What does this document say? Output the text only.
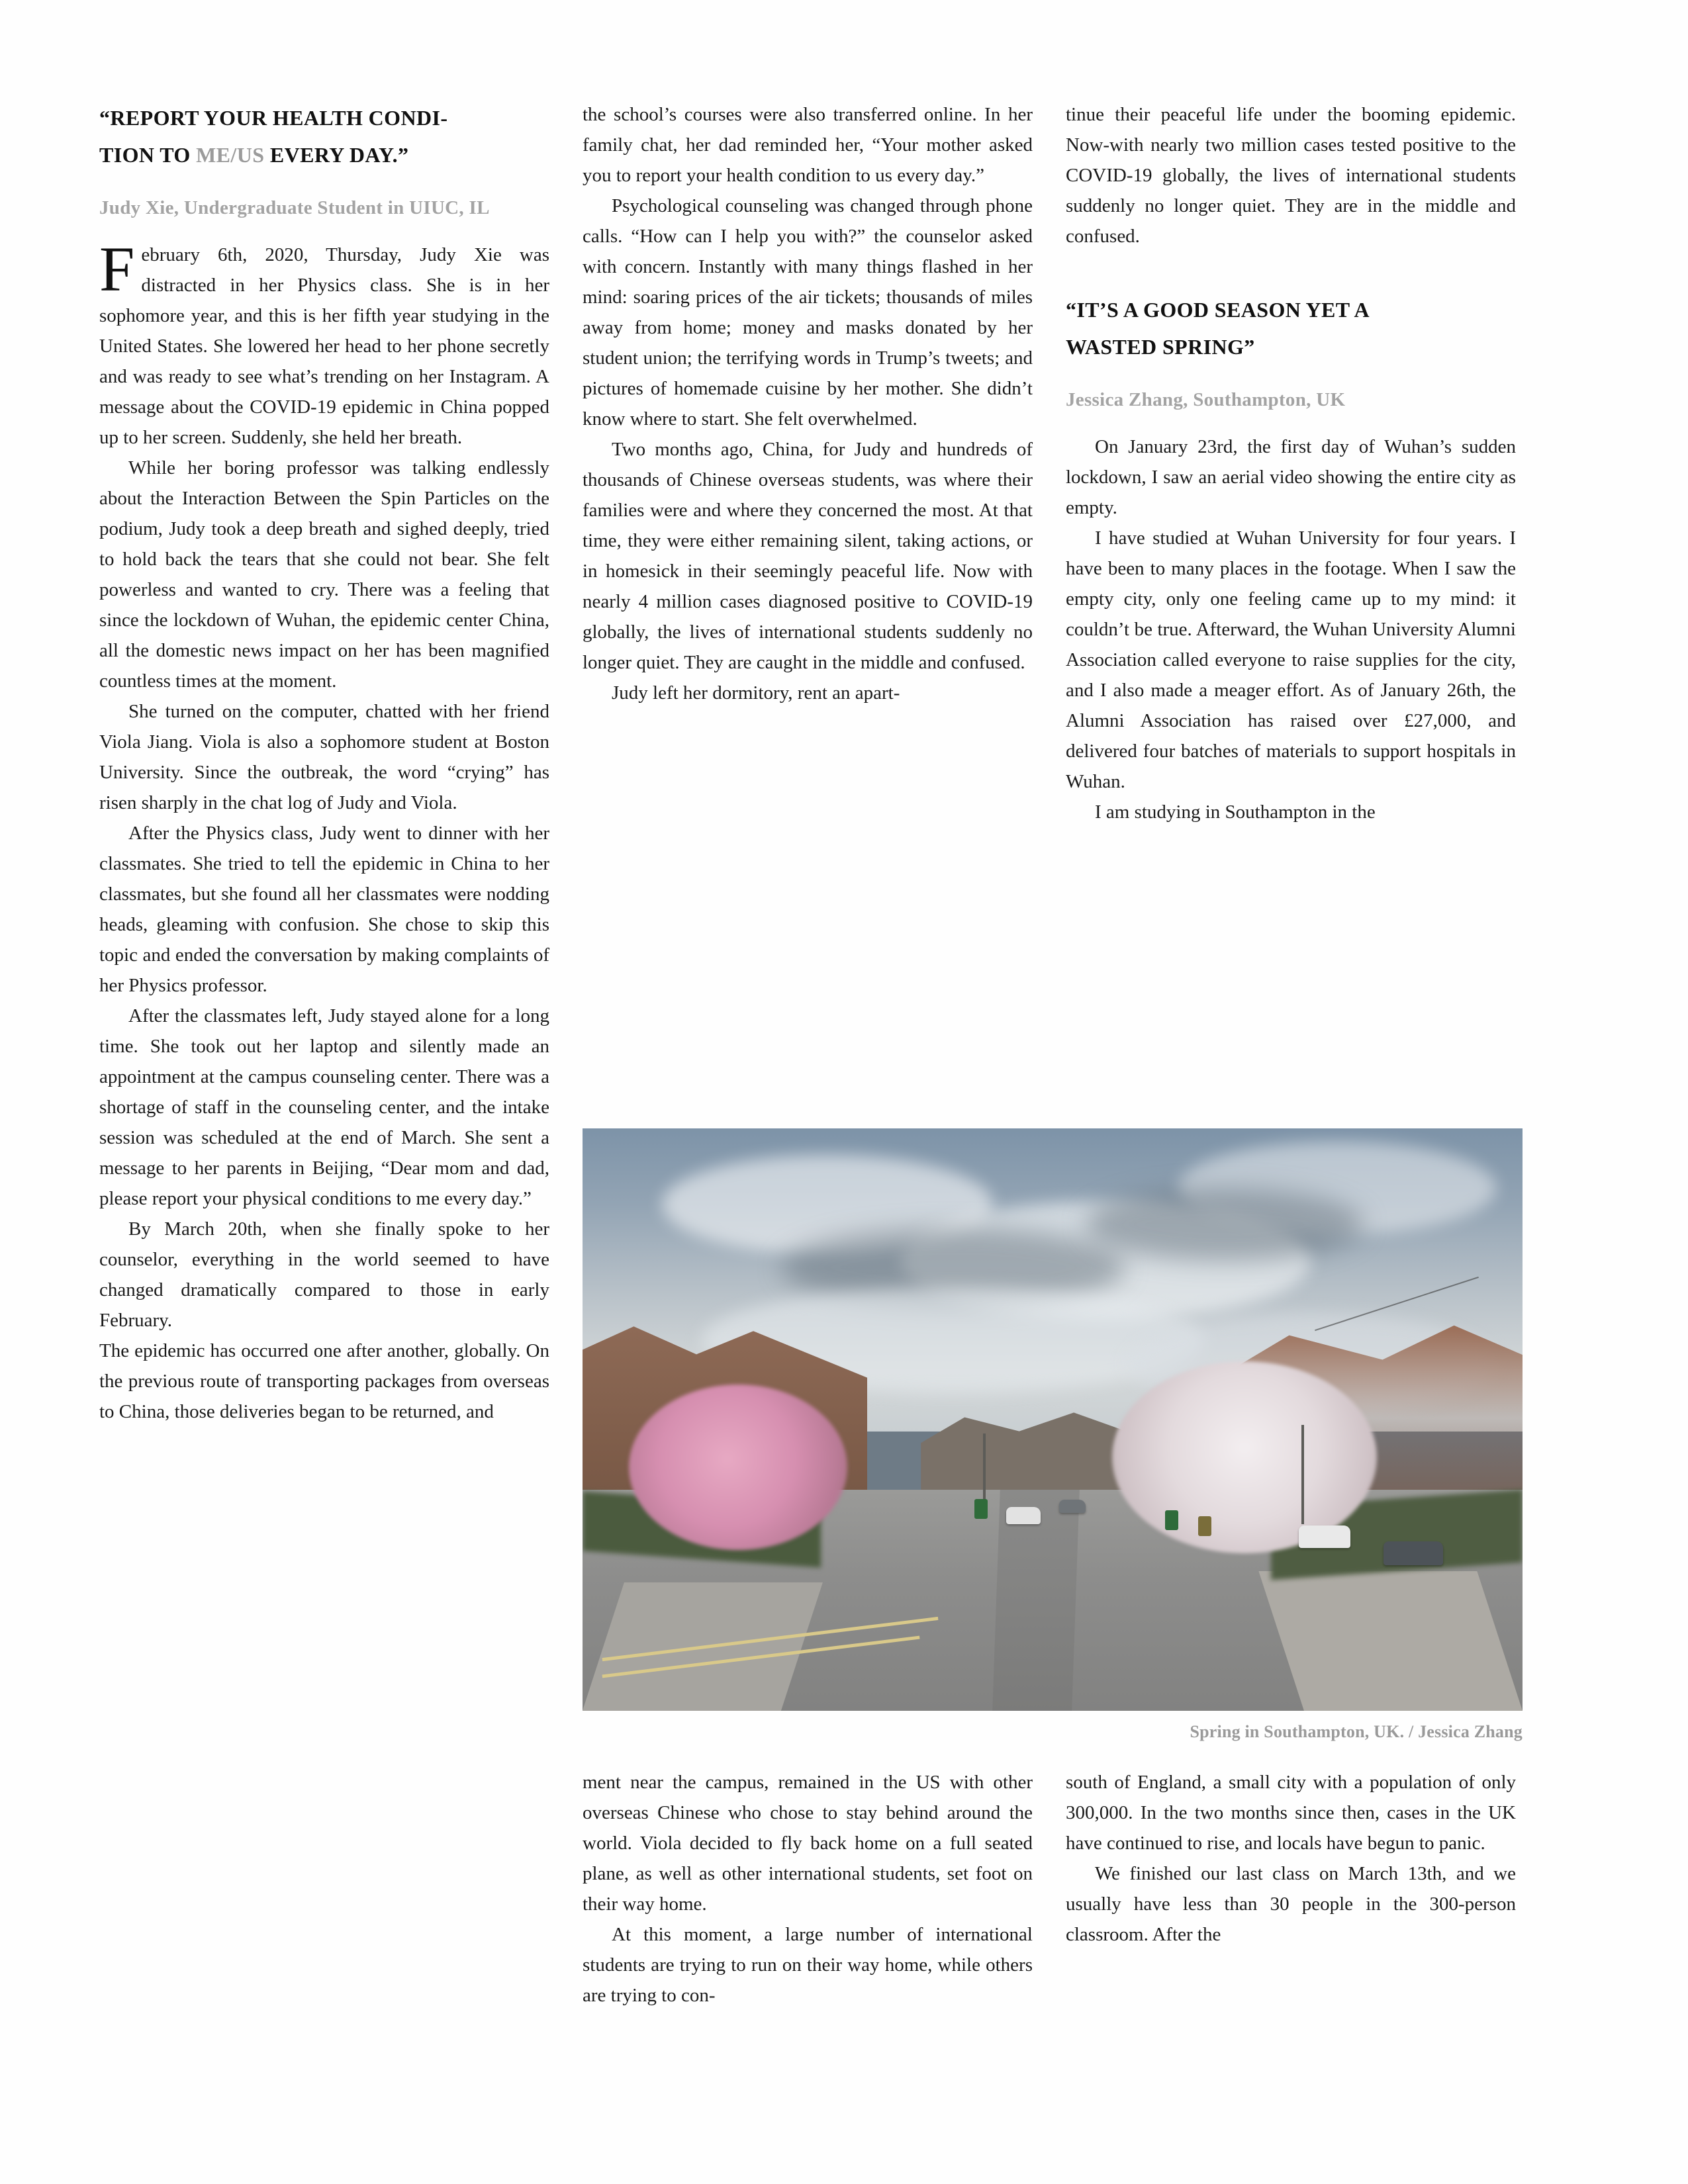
“REPORT YOUR HEALTH CONDI-
TION TO ME/US EVERY DAY.”
Judy Xie, Undergraduate Student in UIUC, IL

February 6th, 2020, Thursday, Judy Xie was distracted in her Physics class. She is in her sophomore year, and this is her fifth year studying in the United States. She lowered her head to her phone secretly and was ready to see what’s trending on her Instagram. A message about the COVID-19 epidemic in China popped up to her screen. Suddenly, she held her breath.

While her boring professor was talking endlessly about the Interaction Between the Spin Particles on the podium, Judy took a deep breath and sighed deeply, tried to hold back the tears that she could not bear. She felt powerless and wanted to cry. There was a feeling that since the lockdown of Wuhan, the epidemic center China, all the domestic news impact on her has been magnified countless times at the moment.

She turned on the computer, chatted with her friend Viola Jiang. Viola is also a sophomore student at Boston University. Since the outbreak, the word “crying” has risen sharply in the chat log of Judy and Viola.

After the Physics class, Judy went to dinner with her classmates. She tried to tell the epidemic in China to her classmates, but she found all her classmates were nodding heads, gleaming with confusion. She chose to skip this topic and ended the conversation by making complaints of her Physics professor.

After the classmates left, Judy stayed alone for a long time. She took out her laptop and silently made an appointment at the campus counseling center. There was a shortage of staff in the counseling center, and the intake session was scheduled at the end of March. She sent a message to her parents in Beijing, “Dear mom and dad, please report your physical conditions to me every day.”

By March 20th, when she finally spoke to her counselor, everything in the world seemed to have changed dramatically compared to those in early February.

The epidemic has occurred one after another, globally. On the previous route of transporting packages from overseas to China, those deliveries began to be returned, and

the school’s courses were also transferred online. In her family chat, her dad reminded her, “Your mother asked you to report your health condition to us every day.”

Psychological counseling was changed through phone calls. “How can I help you with?” the counselor asked with concern. Instantly with many things flashed in her mind: soaring prices of the air tickets; thousands of miles away from home; money and masks donated by her student union; the terrifying words in Trump’s tweets; and pictures of homemade cuisine by her mother. She didn’t know where to start. She felt overwhelmed.

Two months ago, China, for Judy and hundreds of thousands of Chinese overseas students, was where their families were and where they concerned the most. At that time, they were either remaining silent, taking actions, or in homesick in their seemingly peaceful life. Now with nearly 4 million cases diagnosed positive to COVID-19 globally, the lives of international students suddenly no longer quiet. They are caught in the middle and confused.

Judy left her dormitory, rent an apart-

tinue their peaceful life under the booming epidemic. Now-with nearly two million cases tested positive to the COVID-19 globally, the lives of international students suddenly no longer quiet. They are in the middle and confused.

“IT’S A GOOD SEASON YET A
WASTED SPRING”
Jessica Zhang, Southampton, UK

On January 23rd, the first day of Wuhan’s sudden lockdown, I saw an aerial video showing the entire city as empty.

I have studied at Wuhan University for four years. I have been to many places in the footage. When I saw the empty city, only one feeling came up to my mind: it couldn’t be true. Afterward, the Wuhan University Alumni Association called everyone to raise supplies for the city, and I also made a meager effort. As of January 26th, the Alumni Association has raised over £27,000, and delivered four batches of materials to support hospitals in Wuhan.

I am studying in Southampton in the

Spring in Southampton, UK. / Jessica Zhang

ment near the campus, remained in the US with other overseas Chinese who chose to stay behind around the world. Viola decided to fly back home on a full seated plane, as well as other international students, set foot on their way home.

At this moment, a large number of international students are trying to run on their way home, while others are trying to con-

south of England, a small city with a population of only 300,000. In the two months since then, cases in the UK have continued to rise, and locals have begun to panic.

We finished our last class on March 13th, and we usually have less than 30 people in the 300-person classroom. After the
